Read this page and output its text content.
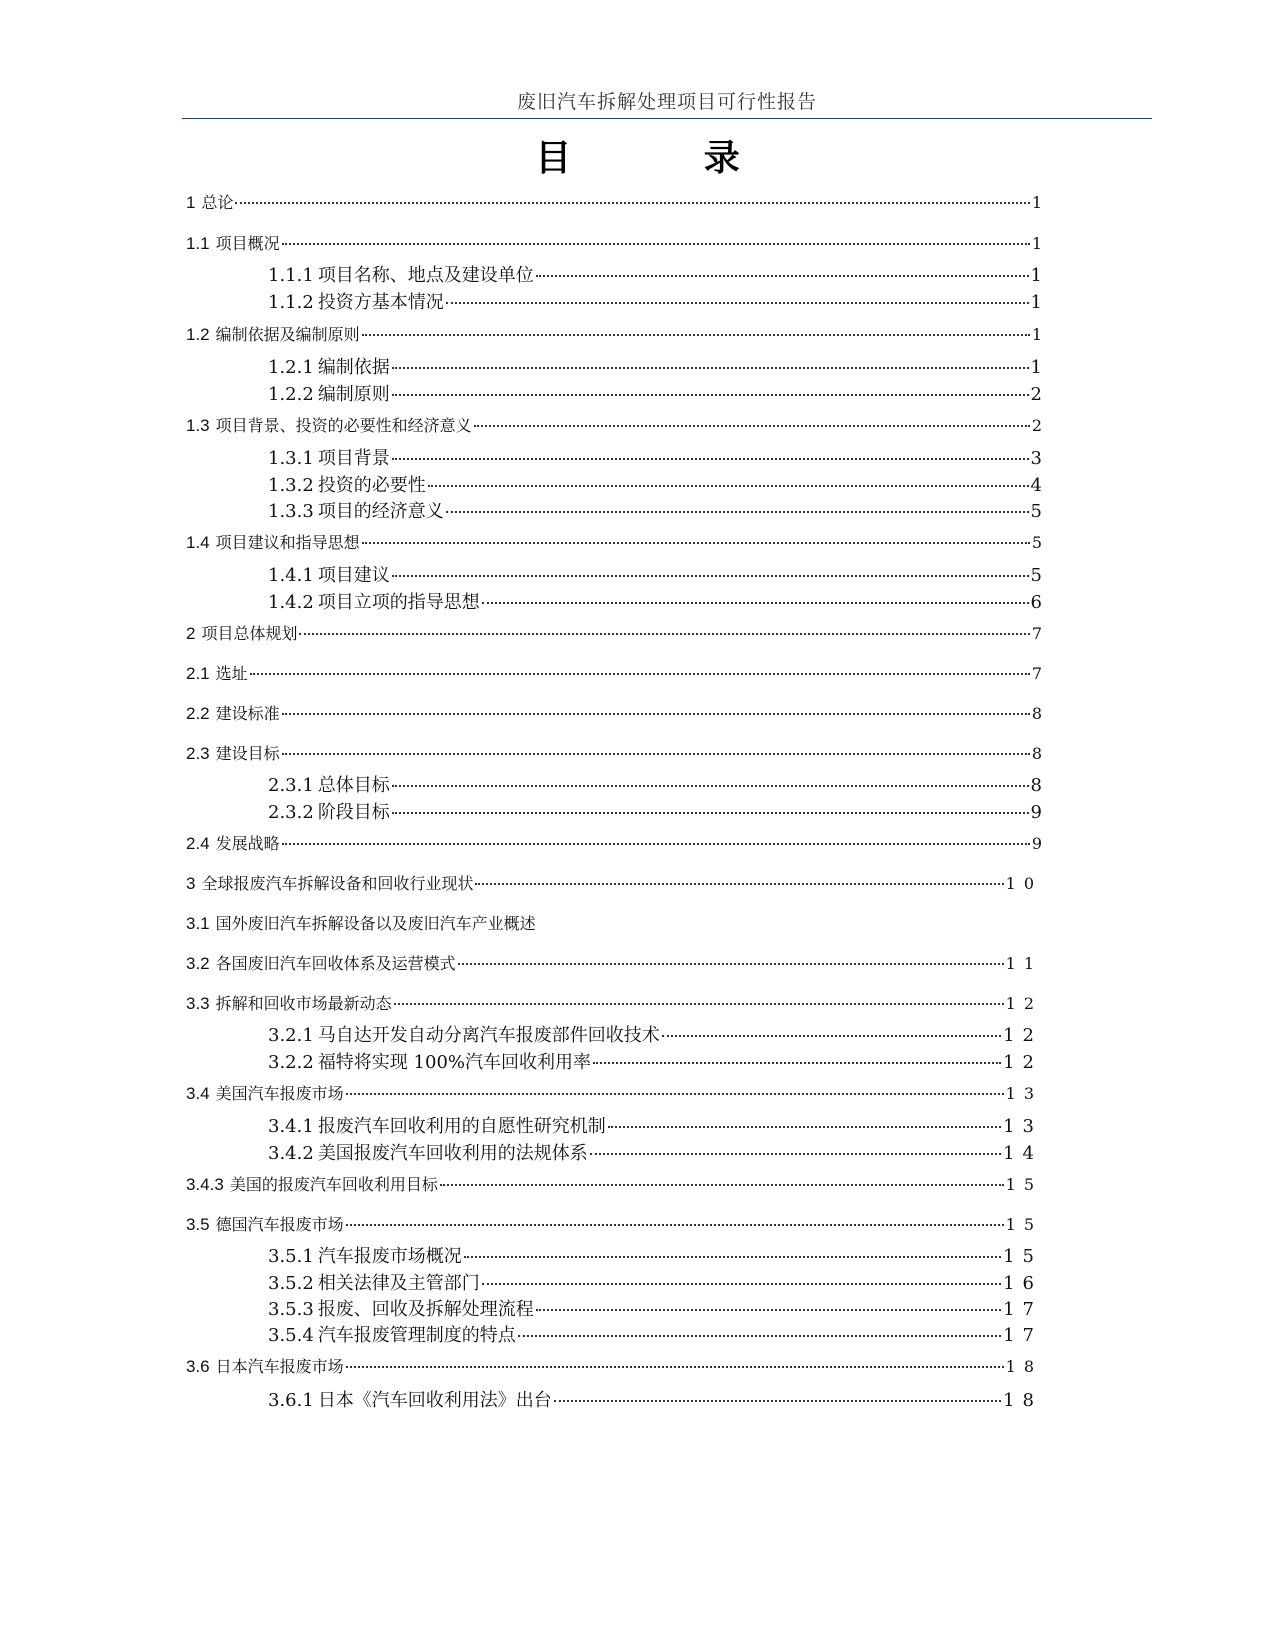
废旧汽车拆解处理项目可行性报告
目 录
1 总论	1
1.1 项目概况	1
1.1.1 项目名称、地点及建设单位	1
1.1.2 投资方基本情况	1
1.2 编制依据及编制原则	1
1.2.1 编制依据	1
1.2.2 编制原则	2
1.3 项目背景、投资的必要性和经济意义	2
1.3.1 项目背景	3
1.3.2 投资的必要性	4
1.3.3 项目的经济意义	5
1.4 项目建议和指导思想	5
1.4.1 项目建议	5
1.4.2 项目立项的指导思想	6
2 项目总体规划	7
2.1 选址	7
2.2 建设标准	8
2.3 建设目标	8
2.3.1 总体目标	8
2.3.2 阶段目标	9
2.4 发展战略	9
3 全球报废汽车拆解设备和回收行业现状	10
3.1 国外废旧汽车拆解设备以及废旧汽车产业概述
3.2 各国废旧汽车回收体系及运营模式	11
3.3 拆解和回收市场最新动态	12
3.2.1 马自达开发自动分离汽车报废部件回收技术	12
3.2.2 福特将实现 100%汽车回收利用率	12
3.4 美国汽车报废市场	13
3.4.1 报废汽车回收利用的自愿性研究机制	13
3.4.2 美国报废汽车回收利用的法规体系	14
3.4.3 美国的报废汽车回收利用目标	15
3.5 德国汽车报废市场	15
3.5.1 汽车报废市场概况	15
3.5.2 相关法律及主管部门	16
3.5.3 报废、回收及拆解处理流程	17
3.5.4 汽车报废管理制度的特点	17
3.6 日本汽车报废市场	18
3.6.1 日本《汽车回收利用法》出台	18
